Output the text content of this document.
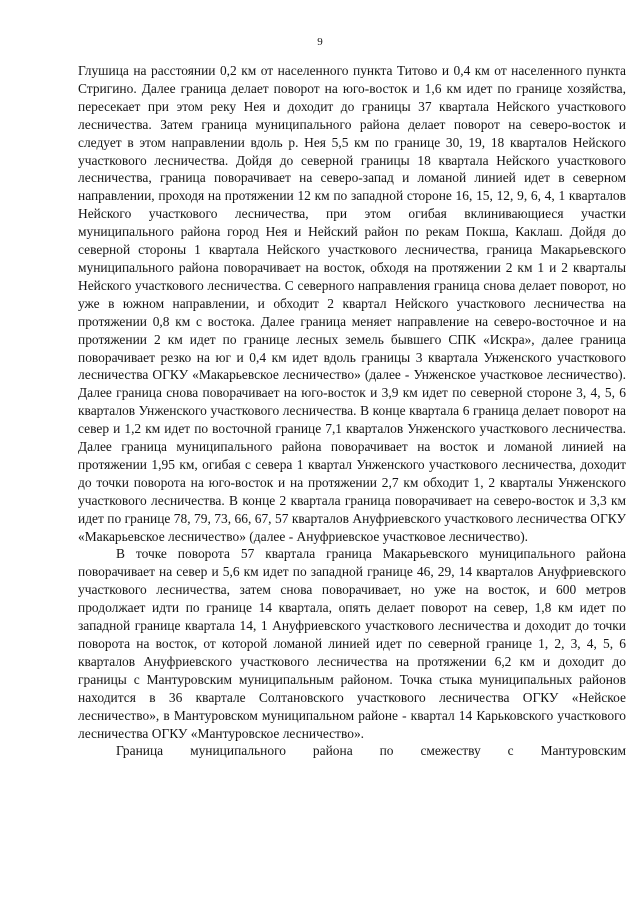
9

Глушица на расстоянии 0,2 км от населенного пункта Титово и 0,4 км от населенного пункта Стригино. Далее граница делает поворот на юго-восток и 1,6 км идет по границе хозяйства, пересекает при этом реку Нея и доходит до границы 37 квартала Нейского участкового лесничества. Затем граница муниципального района делает поворот на северо-восток и следует в этом направлении вдоль р. Нея 5,5 км по границе 30, 19, 18 кварталов Нейского участкового лесничества. Дойдя до северной границы 18 квартала Нейского участкового лесничества, граница поворачивает на северо-запад и ломаной линией идет в северном направлении, проходя на протяжении 12 км по западной стороне 16, 15, 12, 9, 6, 4, 1 кварталов Нейского участкового лесничества, при этом огибая вклинивающиеся участки муниципального района город Нея и Нейский район по рекам Покша, Каклаш. Дойдя до северной стороны 1 квартала Нейского участкового лесничества, граница Макарьевского муниципального района поворачивает на восток, обходя на протяжении 2 км 1 и 2 кварталы Нейского участкового лесничества. С северного направления граница снова делает поворот, но уже в южном направлении, и обходит 2 квартал Нейского участкового лесничества на протяжении 0,8 км с востока. Далее граница меняет направление на северо-восточное и на протяжении 2 км идет по границе лесных земель бывшего СПК «Искра», далее граница поворачивает резко на юг и 0,4 км идет вдоль границы 3 квартала Унженского участкового лесничества ОГКУ «Макарьевское лесничество» (далее - Унженское участковое лесничество). Далее граница снова поворачивает на юго-восток и 3,9 км идет по северной стороне 3, 4, 5, 6 кварталов Унженского участкового лесничества. В конце квартала 6 граница делает поворот на север и 1,2 км идет по восточной границе 7,1 кварталов Унженского участкового лесничества. Далее граница муниципального района поворачивает на восток и ломаной линией на протяжении 1,95 км, огибая с севера 1 квартал Унженского участкового лесничества, доходит до точки поворота на юго-восток и на протяжении 2,7 км обходит 1, 2 кварталы Унженского участкового лесничества. В конце 2 квартала граница поворачивает на северо-восток и 3,3 км идет по границе 78, 79, 73, 66, 67, 57 кварталов Ануфриевского участкового лесничества ОГКУ «Макарьевское лесничество» (далее - Ануфриевское участковое лесничество).

В точке поворота 57 квартала граница Макарьевского муниципального района поворачивает на север и 5,6 км идет по западной границе 46, 29, 14 кварталов Ануфриевского участкового лесничества, затем снова поворачивает, но уже на восток, и 600 метров продолжает идти по границе 14 квартала, опять делает поворот на север, 1,8 км идет по западной границе квартала 14, 1 Ануфриевского участкового лесничества и доходит до точки поворота на восток, от которой ломаной линией идет по северной границе 1, 2, 3, 4, 5, 6 кварталов Ануфриевского участкового лесничества на протяжении 6,2 км и доходит до границы с Мантуровским муниципальным районом. Точка стыка муниципальных районов находится в 36 квартале Солтановского участкового лесничества ОГКУ «Нейское лесничество», в Мантуровском муниципальном районе - квартал 14 Карьковского участкового лесничества ОГКУ «Мантуровское лесничество».

Граница муниципального района по смежеству с Мантуровским
